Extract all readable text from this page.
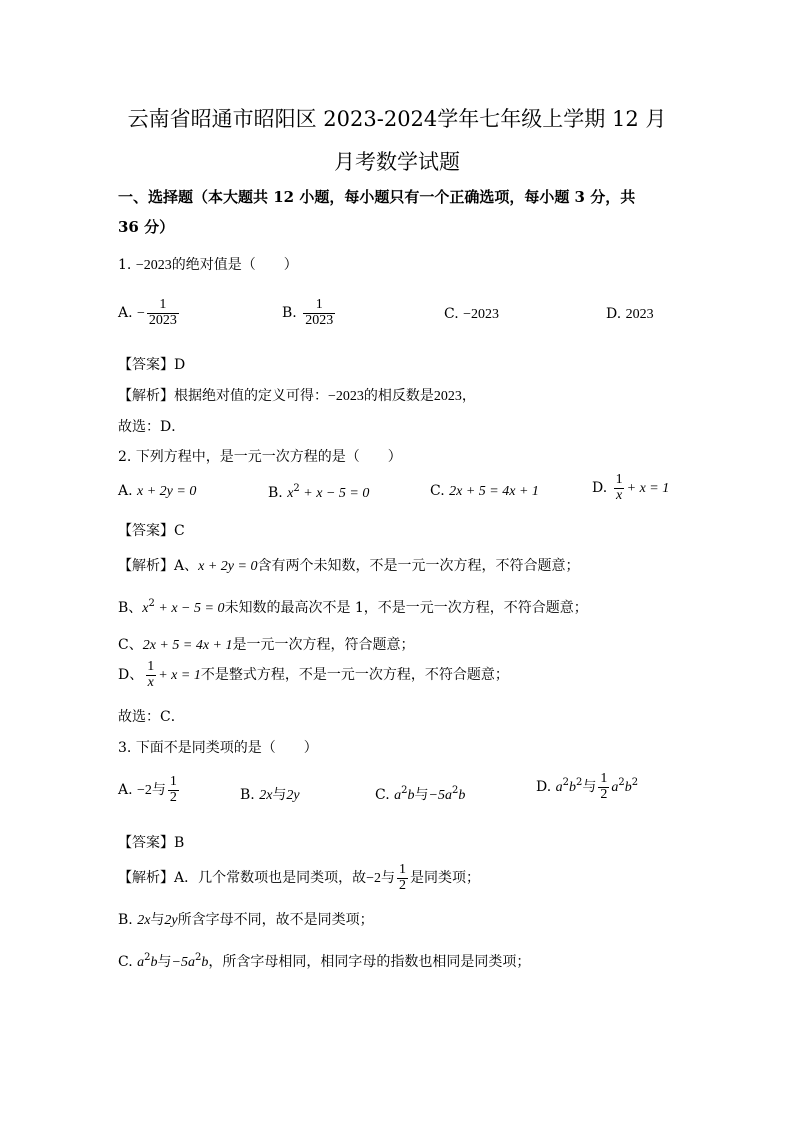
云南省昭通市昭阳区 2023-2024学年七年级上学期 12 月
月考数学试题
一、选择题（本大题共 12 小题，每小题只有一个正确选项，每小题 3 分，共
36 分）
1. −2023的绝对值是（　　）
A. − $\frac{1}{2023}$	B. $\frac{1}{2023}$	C. −2023	D. 2023
【答案】D
【解析】根据绝对值的定义可得：−2023的相反数是2023，
故选：D．
2. 下列方程中，是一元一次方程的是（　　）
A. x + 2y = 0	B. $x^2 + x - 5 = 0$	C. 2x + 5 = 4x + 1	D. $\frac{1}{x} + x = 1$
【答案】C
【解析】A、x + 2y = 0含有两个未知数，不是一元一次方程，不符合题意；
B、$x^2 + x - 5 = 0$未知数的最高次不是 1，不是一元一次方程，不符合题意；
C、2x + 5 = 4x + 1是一元一次方程，符合题意；
D、 $\frac{1}{x} + x = 1$不是整式方程，不是一元一次方程，不符合题意；
故选：C．
3. 下面不是同类项的是（　　）
A. −2与 $\frac{1}{2}$	B. 2x与2y	C. $a^2b$与$-5a^2b$
D. $a^2b^2$与 $\frac{1}{2} a^2b^2$
【答案】B
【解析】A．几个常数项也是同类项，故−2与 $\frac{1}{2}$ 是同类项；
B. 2x与2y所含字母不同，故不是同类项；
C. $a^2b$与$-5a^2b$，所含字母相同，相同字母的指数也相同是同类项；
